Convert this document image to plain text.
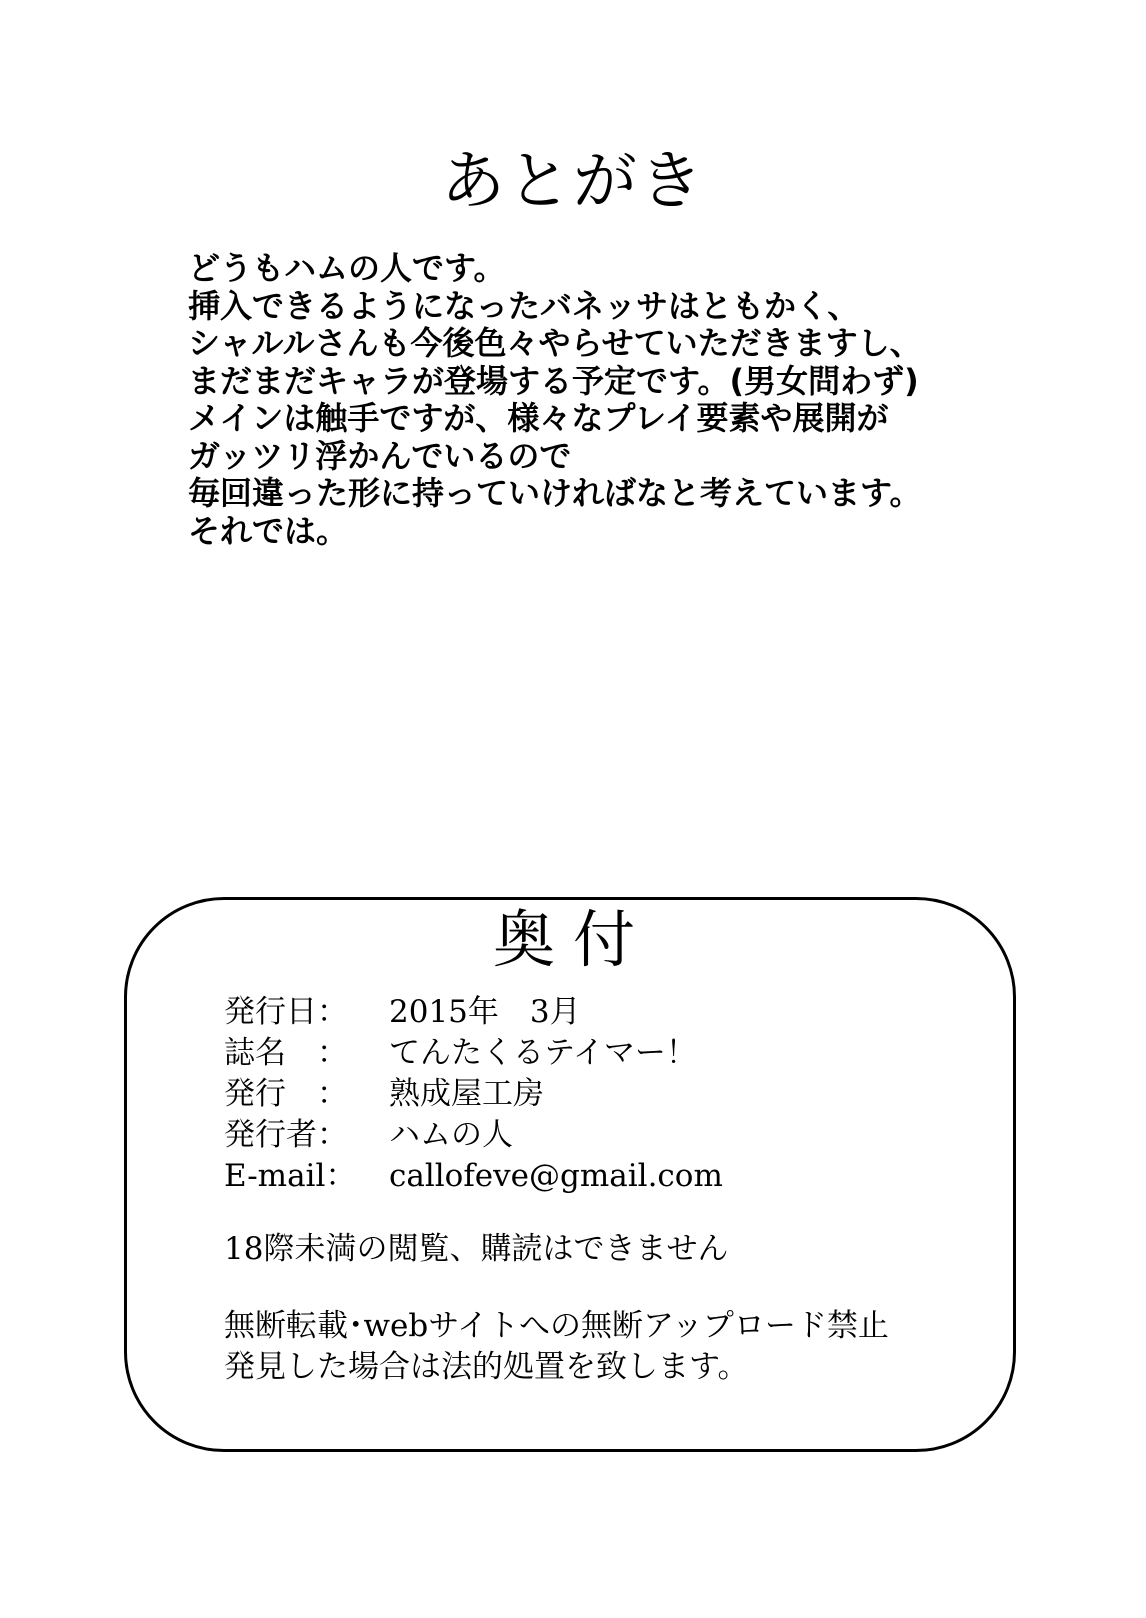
あとがき
どうもハムの人です。
挿入できるようになったバネッサはともかく、
シャルルさんも今後色々やらせていただきますし、
まだまだキャラが登場する予定です。(男女問わず)
メインは触手ですが、様々なプレイ要素や展開が
ガッツリ浮かんでいるので
毎回違った形に持っていければなと考えています。
それでは。
奥付
発行日：	2015年　3月
誌名　：	てんたくるテイマー！
発行　：	熟成屋工房
発行者：	ハムの人
E-mail：	callofeve@gmail.com
18際未満の閲覧、購読はできません
無断転載･webサイトへの無断アップロード禁止
発見した場合は法的処置を致します。
